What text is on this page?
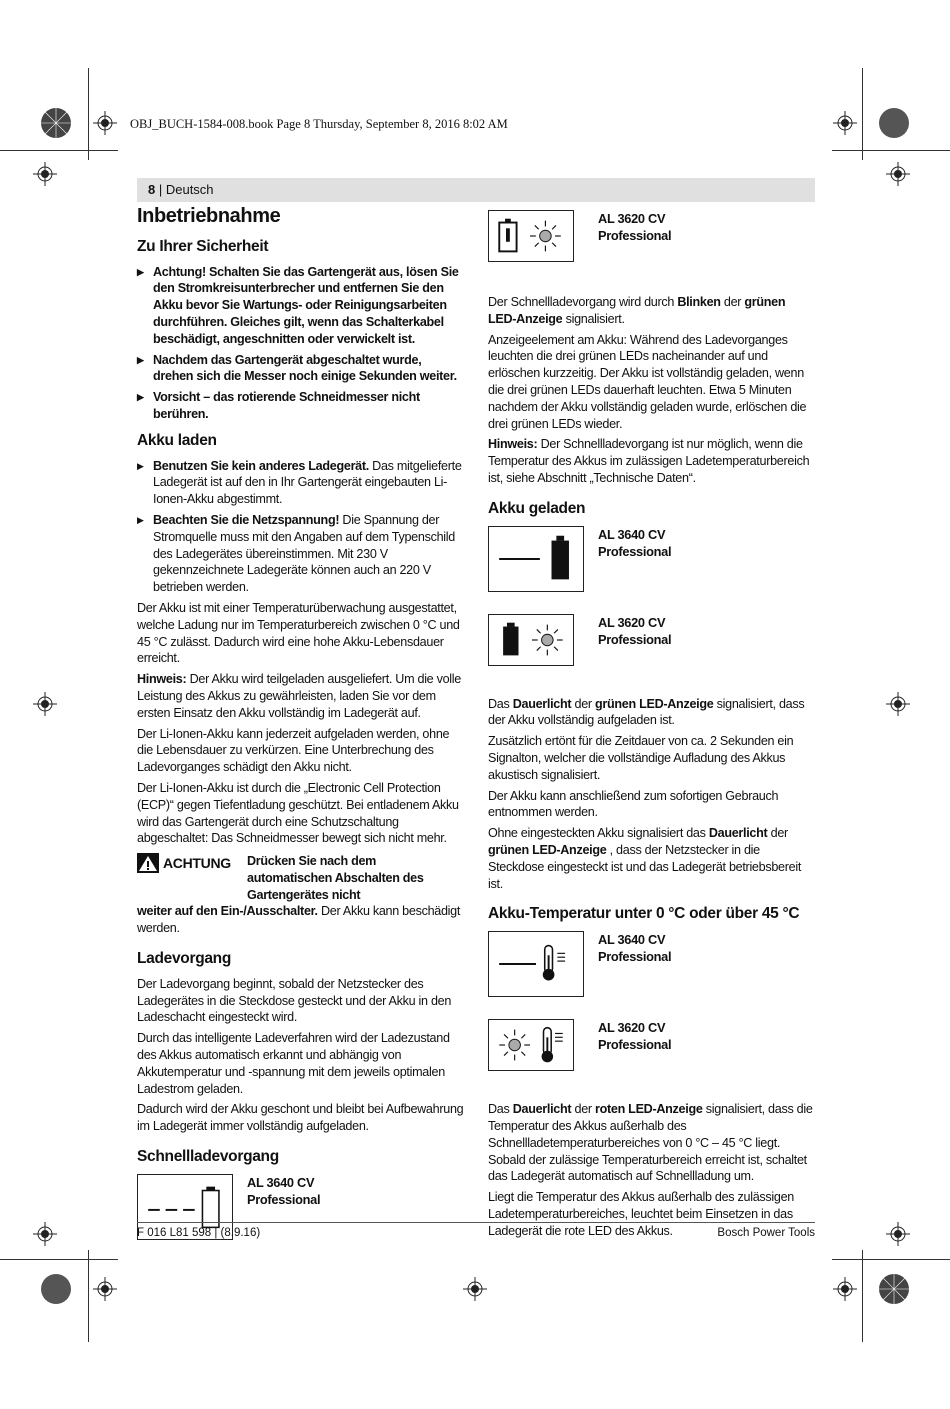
OBJ_BUCH-1584-008.book Page 8 Thursday, September 8, 2016 8:02 AM
8 | Deutsch
Inbetriebnahme
Zu Ihrer Sicherheit
▶ Achtung! Schalten Sie das Gartengerät aus, lösen Sie den Stromkreisunterbrecher und entfernen Sie den Akku bevor Sie Wartungs- oder Reinigungsarbeiten durchführen. Gleiches gilt, wenn das Schalterkabel beschädigt, angeschnitten oder verwickelt ist.
▶ Nachdem das Gartengerät abgeschaltet wurde, drehen sich die Messer noch einige Sekunden weiter.
▶ Vorsicht – das rotierende Schneidmesser nicht berühren.
Akku laden
▶ Benutzen Sie kein anderes Ladegerät. Das mitgelieferte Ladegerät ist auf den in Ihr Gartengerät eingebauten Li-Ionen-Akku abgestimmt.
▶ Beachten Sie die Netzspannung! Die Spannung der Stromquelle muss mit den Angaben auf dem Typenschild des Ladegerätes übereinstimmen. Mit 230 V gekennzeichnete Ladegeräte können auch an 220 V betrieben werden.

Der Akku ist mit einer Temperaturüberwachung ausgestattet, welche Ladung nur im Temperaturbereich zwischen 0 °C und 45 °C zulässt. Dadurch wird eine hohe Akku-Lebensdauer erreicht.

Hinweis: Der Akku wird teilgeladen ausgeliefert. Um die volle Leistung des Akkus zu gewährleisten, laden Sie vor dem ersten Einsatz den Akku vollständig im Ladegerät auf.

Der Li-Ionen-Akku kann jederzeit aufgeladen werden, ohne die Lebensdauer zu verkürzen. Eine Unterbrechung des Ladevorganges schädigt den Akku nicht.

Der Li-Ionen-Akku ist durch die „Electronic Cell Protection (ECP)“ gegen Tiefentladung geschützt. Bei entladenem Akku wird das Gartengerät durch eine Schutzschaltung abgeschaltet: Das Schneidmesser bewegt sich nicht mehr.

ACHTUNG	Drücken Sie nach dem automatischen Abschalten des Gartengerätes nicht
weiter auf den Ein-/Ausschalter. Der Akku kann beschädigt werden.
Ladevorgang

Der Ladevorgang beginnt, sobald der Netzstecker des Ladegerätes in die Steckdose gesteckt und der Akku in den Ladeschacht eingesteckt wird.

Durch das intelligente Ladeverfahren wird der Ladezustand des Akkus automatisch erkannt und abhängig von Akkutemperatur und -spannung mit dem jeweils optimalen Ladestrom geladen.

Dadurch wird der Akku geschont und bleibt bei Aufbewahrung im Ladegerät immer vollständig aufgeladen.

Schnellladevorgang
AL 3640 CV
Professional
AL 3620 CV
Professional

Der Schnellladevorgang wird durch Blinken der grünen LED-Anzeige signalisiert.

Anzeigeelement am Akku: Während des Ladevorganges leuchten die drei grünen LEDs nacheinander auf und erlöschen kurzzeitig. Der Akku ist vollständig geladen, wenn die drei grünen LEDs dauerhaft leuchten. Etwa 5 Minuten nachdem der Akku vollständig geladen wurde, erlöschen die drei grünen LEDs wieder.

Hinweis: Der Schnellladevorgang ist nur möglich, wenn die Temperatur des Akkus im zulässigen Ladetemperaturbereich ist, siehe Abschnitt „Technische Daten“.

Akku geladen
AL 3640 CV
Professional
AL 3620 CV
Professional

Das Dauerlicht der grünen LED-Anzeige signalisiert, dass der Akku vollständig aufgeladen ist.

Zusätzlich ertönt für die Zeitdauer von ca. 2 Sekunden ein Signalton, welcher die vollständige Aufladung des Akkus akustisch signalisiert.

Der Akku kann anschließend zum sofortigen Gebrauch entnommen werden.

Ohne eingesteckten Akku signalisiert das Dauerlicht der grünen LED-Anzeige , dass der Netzstecker in die Steckdose eingesteckt ist und das Ladegerät betriebsbereit ist.

Akku-Temperatur unter 0 °C oder über 45 °C
AL 3640 CV
Professional
AL 3620 CV
Professional

Das Dauerlicht der roten LED-Anzeige signalisiert, dass die Temperatur des Akkus außerhalb des Schnellladetemperaturbereiches von 0 °C – 45 °C liegt. Sobald der zulässige Temperaturbereich erreicht ist, schaltet das Ladegerät automatisch auf Schnellladung um.

Liegt die Temperatur des Akkus außerhalb des zulässigen Ladetemperaturbereiches, leuchtet beim Einsetzen in das Ladegerät die rote LED des Akkus.

F 016 L81 598 | (8.9.16)	Bosch Power Tools
